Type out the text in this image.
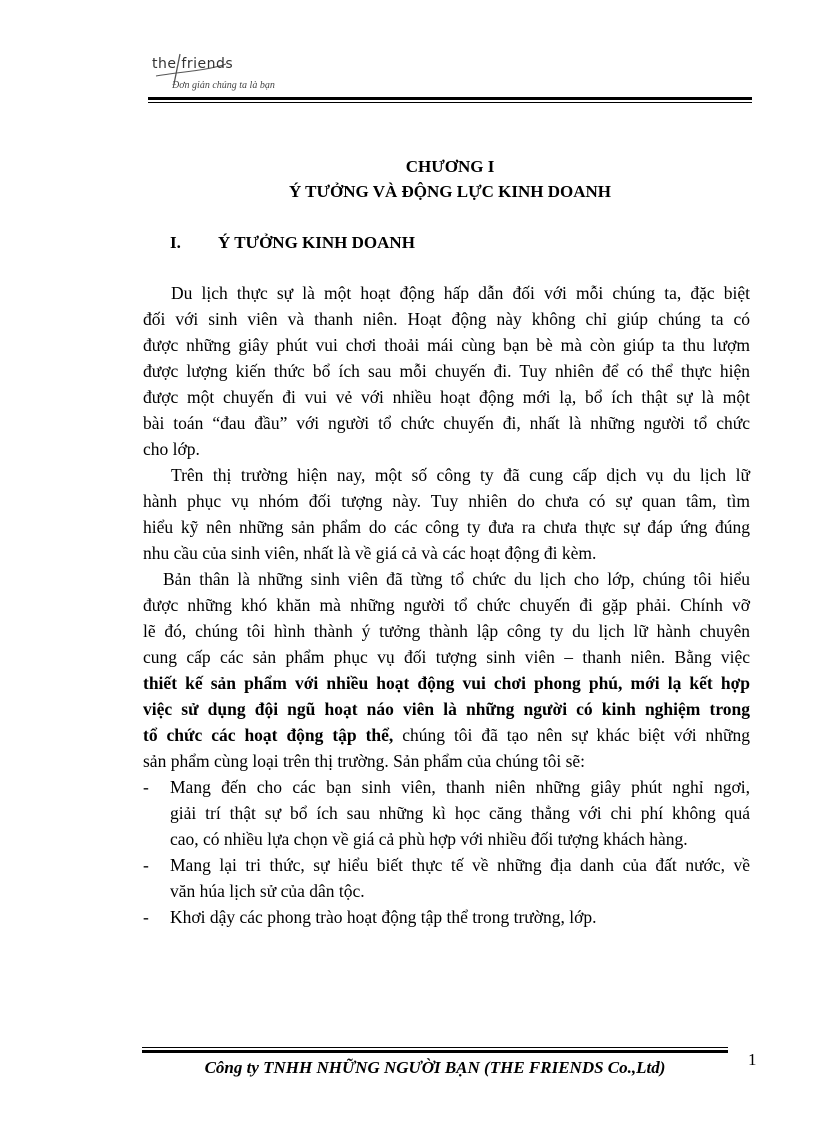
the friends
Đơn giản chúng ta là bạn
CHƯƠNG I
Ý TƯỞNG VÀ ĐỘNG LỰC KINH DOANH
I. Ý TƯỞNG KINH DOANH

Du lịch thực sự là một hoạt động hấp dẫn đối với mỗi chúng ta, đặc biệt
đối với sinh viên và thanh niên. Hoạt động này không chỉ giúp chúng ta có
được những giây phút vui chơi thoải mái cùng bạn bè mà còn giúp ta thu lượm
được lượng kiến thức bổ ích sau mỗi chuyến đi. Tuy nhiên để có thể thực hiện
được một chuyến đi vui vẻ với nhiều hoạt động mới lạ, bổ ích thật sự là một
bài toán “đau đầu” với người tổ chức chuyến đi, nhất là những người tổ chức
cho lớp.

Trên thị trường hiện nay, một số công ty đã cung cấp dịch vụ du lịch lữ
hành phục vụ nhóm đối tượng này. Tuy nhiên do chưa có sự quan tâm, tìm
hiểu kỹ nên những sản phẩm do các công ty đưa ra chưa thực sự đáp ứng đúng
nhu cầu của sinh viên, nhất là về giá cả và các hoạt động đi kèm.

Bản thân là những sinh viên đã từng tổ chức du lịch cho lớp, chúng tôi hiểu
được những khó khăn mà những người tổ chức chuyến đi gặp phải. Chính vỡ
lẽ đó, chúng tôi hình thành ý tưởng thành lập công ty du lịch lữ hành chuyên
cung cấp các sản phẩm phục vụ đối tượng sinh viên – thanh niên. Bằng việc
thiết kế sản phẩm với nhiều hoạt động vui chơi phong phú, mới lạ kết hợp
việc sử dụng đội ngũ hoạt náo viên là những người có kinh nghiệm trong
tổ chức các hoạt động tập thể, chúng tôi đã tạo nên sự khác biệt với những
sản phẩm cùng loại trên thị trường. Sản phẩm của chúng tôi sẽ:

- Mang đến cho các bạn sinh viên, thanh niên những giây phút nghỉ ngơi,
giải trí thật sự bổ ích sau những kì học căng thẳng với chi phí không quá
cao, có nhiều lựa chọn về giá cả phù hợp với nhiều đối tượng khách hàng.
- Mang lại tri thức, sự hiểu biết thực tế về những địa danh của đất nước, về
văn húa lịch sử của dân tộc.
- Khơi dậy các phong trào hoạt động tập thể trong trường, lớp.
Công ty TNHH NHỮNG NGƯỜI BẠN (THE FRIENDS Co.,Ltd)	1
